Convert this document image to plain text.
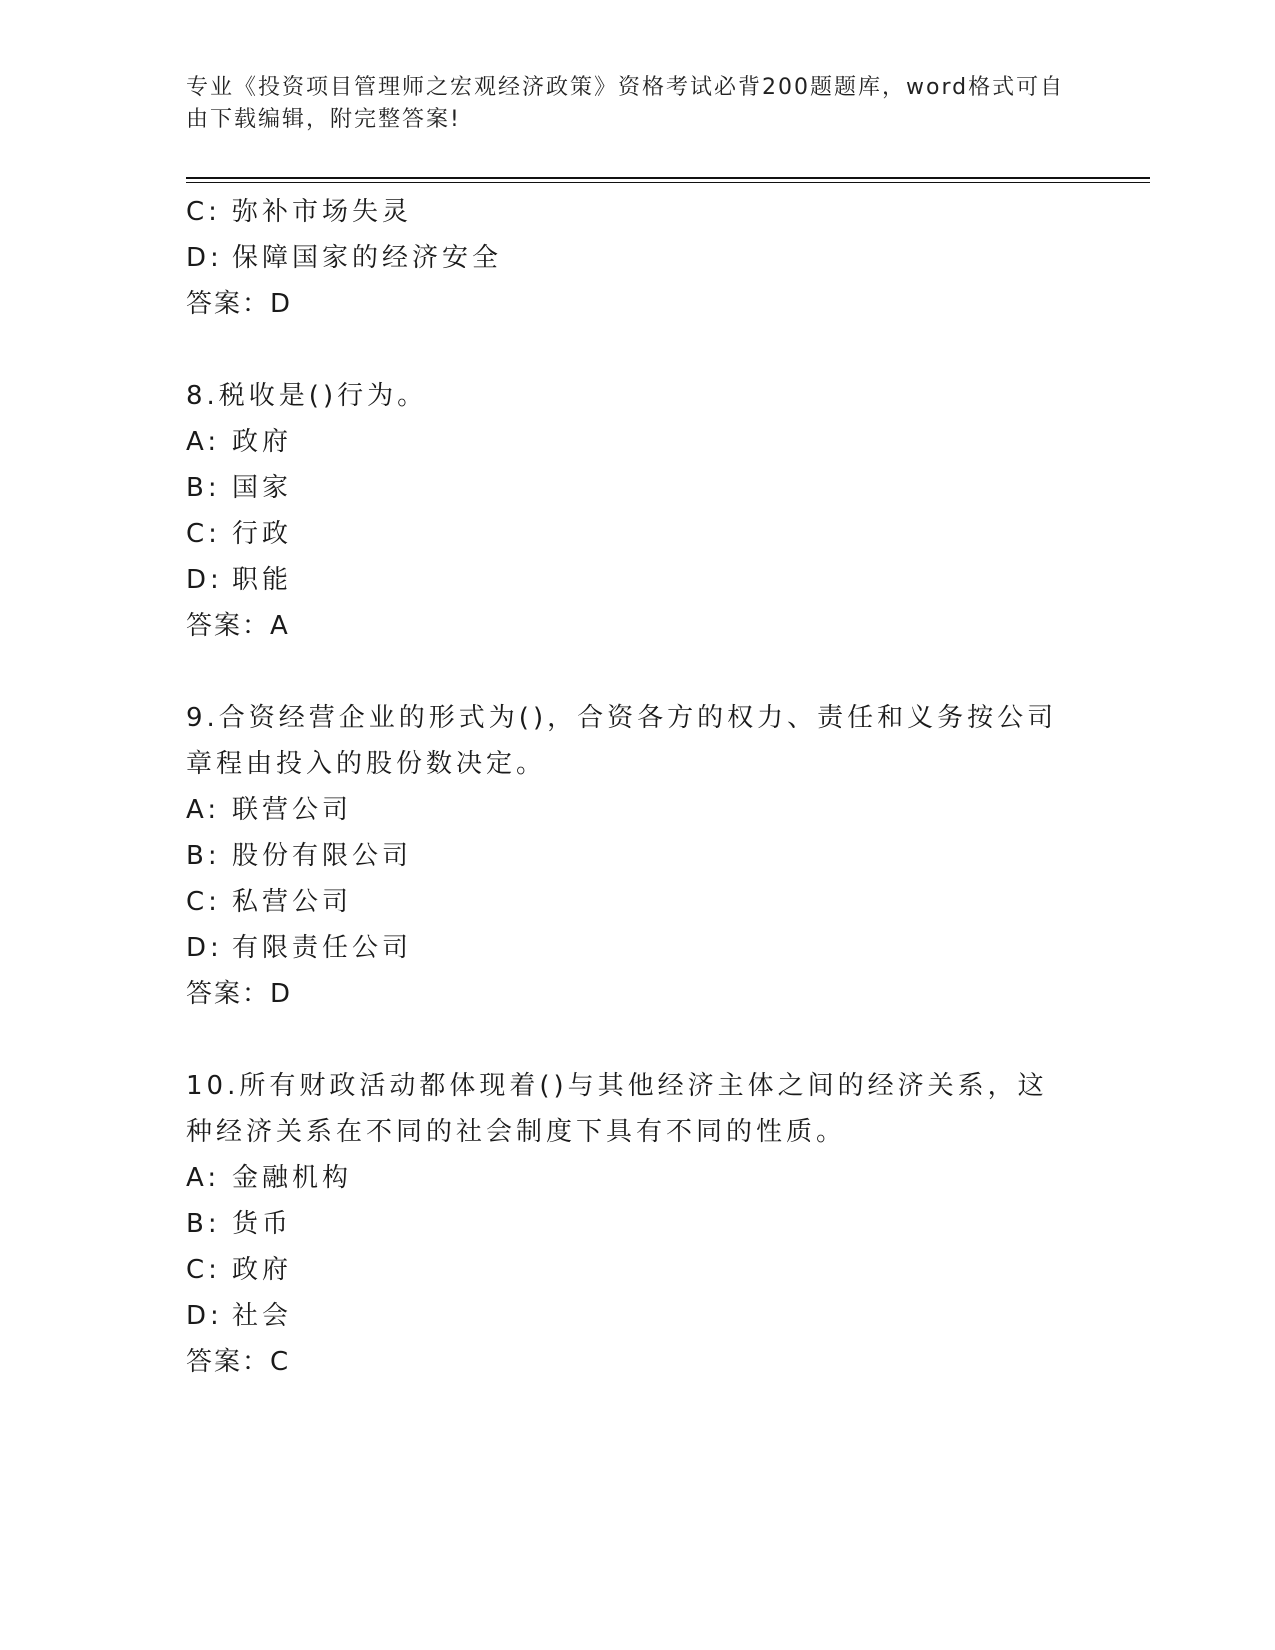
专业《投资项目管理师之宏观经济政策》资格考试必背200题题库，word格式可自由下载编辑，附完整答案!
C: 弥补市场失灵
D: 保障国家的经济安全
答案：D
8.税收是()行为。
A: 政府
B: 国家
C: 行政
D: 职能
答案：A
9.合资经营企业的形式为()，合资各方的权力、责任和义务按公司章程由投入的股份数决定。
A: 联营公司
B: 股份有限公司
C: 私营公司
D: 有限责任公司
答案：D
10.所有财政活动都体现着()与其他经济主体之间的经济关系，这种经济关系在不同的社会制度下具有不同的性质。
A: 金融机构
B: 货币
C: 政府
D: 社会
答案：C
